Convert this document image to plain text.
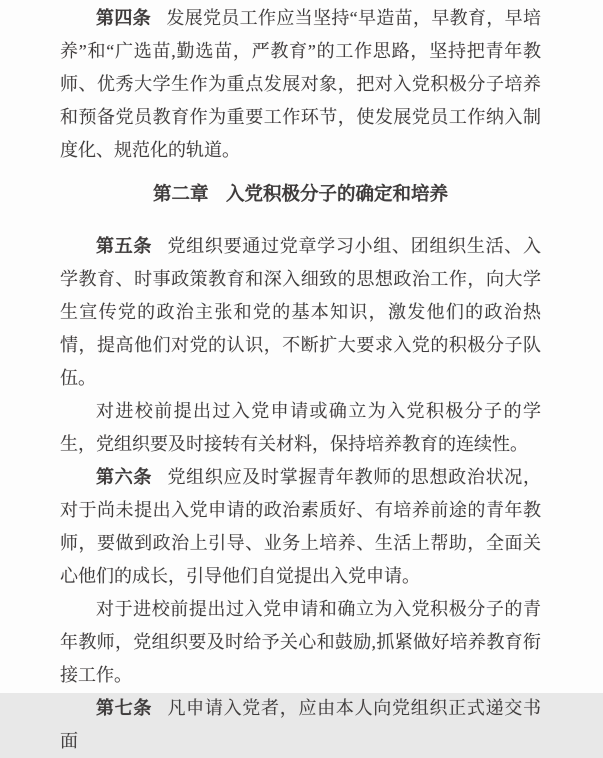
第四条 发展党员工作应当坚持“早造苗，早教育，早培养”和“广选苗,勤选苗，严教育”的工作思路，坚持把青年教师、优秀大学生作为重点发展对象，把对入党积极分子培养和预备党员教育作为重要工作环节，使发展党员工作纳入制度化、规范化的轨道。

第二章 入党积极分子的确定和培养

第五条 党组织要通过党章学习小组、团组织生活、入学教育、时事政策教育和深入细致的思想政治工作，向大学生宣传党的政治主张和党的基本知识，激发他们的政治热情，提高他们对党的认识，不断扩大要求入党的积极分子队伍。

对进校前提出过入党申请或确立为入党积极分子的学生，党组织要及时接转有关材料，保持培养教育的连续性。

第六条 党组织应及时掌握青年教师的思想政治状况，对于尚未提出入党申请的政治素质好、有培养前途的青年教师，要做到政治上引导、业务上培养、生活上帮助，全面关心他们的成长，引导他们自觉提出入党申请。

对于进校前提出过入党申请和确立为入党积极分子的青年教师，党组织要及时给予关心和鼓励,抓紧做好培养教育衔接工作。

第七条 凡申请入党者，应由本人向党组织正式递交书面
